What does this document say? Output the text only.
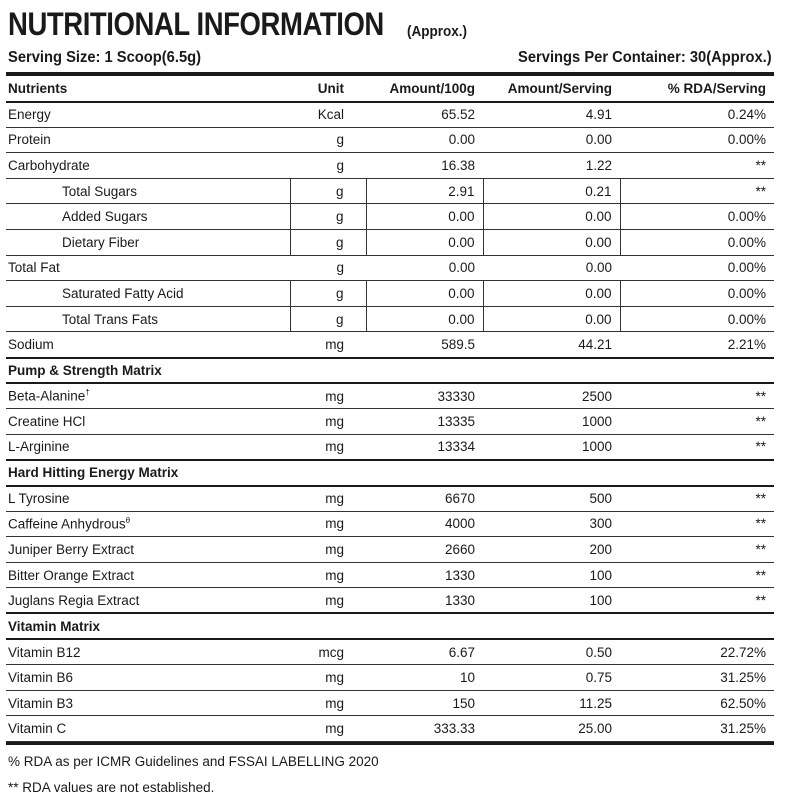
NUTRITIONAL INFORMATION (Approx.)
Serving Size: 1 Scoop(6.5g)	Servings Per Container: 30(Approx.)
Nutrients	Unit	Amount/100g	Amount/Serving	% RDA/Serving
Energy	Kcal	65.52	4.91	0.24%
Protein	g	0.00	0.00	0.00%
Carbohydrate	g	16.38	1.22	**
Total Sugars	g	2.91	0.21	**
Added Sugars	g	0.00	0.00	0.00%
Dietary Fiber	g	0.00	0.00	0.00%
Total Fat	g	0.00	0.00	0.00%
Saturated Fatty Acid	g	0.00	0.00	0.00%
Total Trans Fats	g	0.00	0.00	0.00%
Sodium	mg	589.5	44.21	2.21%
Pump & Strength Matrix				
Beta-Alanine†	mg	33330	2500	**
Creatine HCl	mg	13335	1000	**
L-Arginine	mg	13334	1000	**
Hard Hitting Energy Matrix				
L Tyrosine	mg	6670	500	**
Caffeine Anhydrous$^\theta$	mg	4000	300	**
Juniper Berry Extract	mg	2660	200	**
Bitter Orange Extract	mg	1330	100	**
Juglans Regia Extract	mg	1330	100	**
Vitamin Matrix				
Vitamin B12	mcg	6.67	0.50	22.72%
Vitamin B6	mg	10	0.75	31.25%
Vitamin B3	mg	150	11.25	62.50%
Vitamin C	mg	333.33	25.00	31.25%
% RDA as per ICMR Guidelines and FSSAI LABELLING 2020
** RDA values are not established.
